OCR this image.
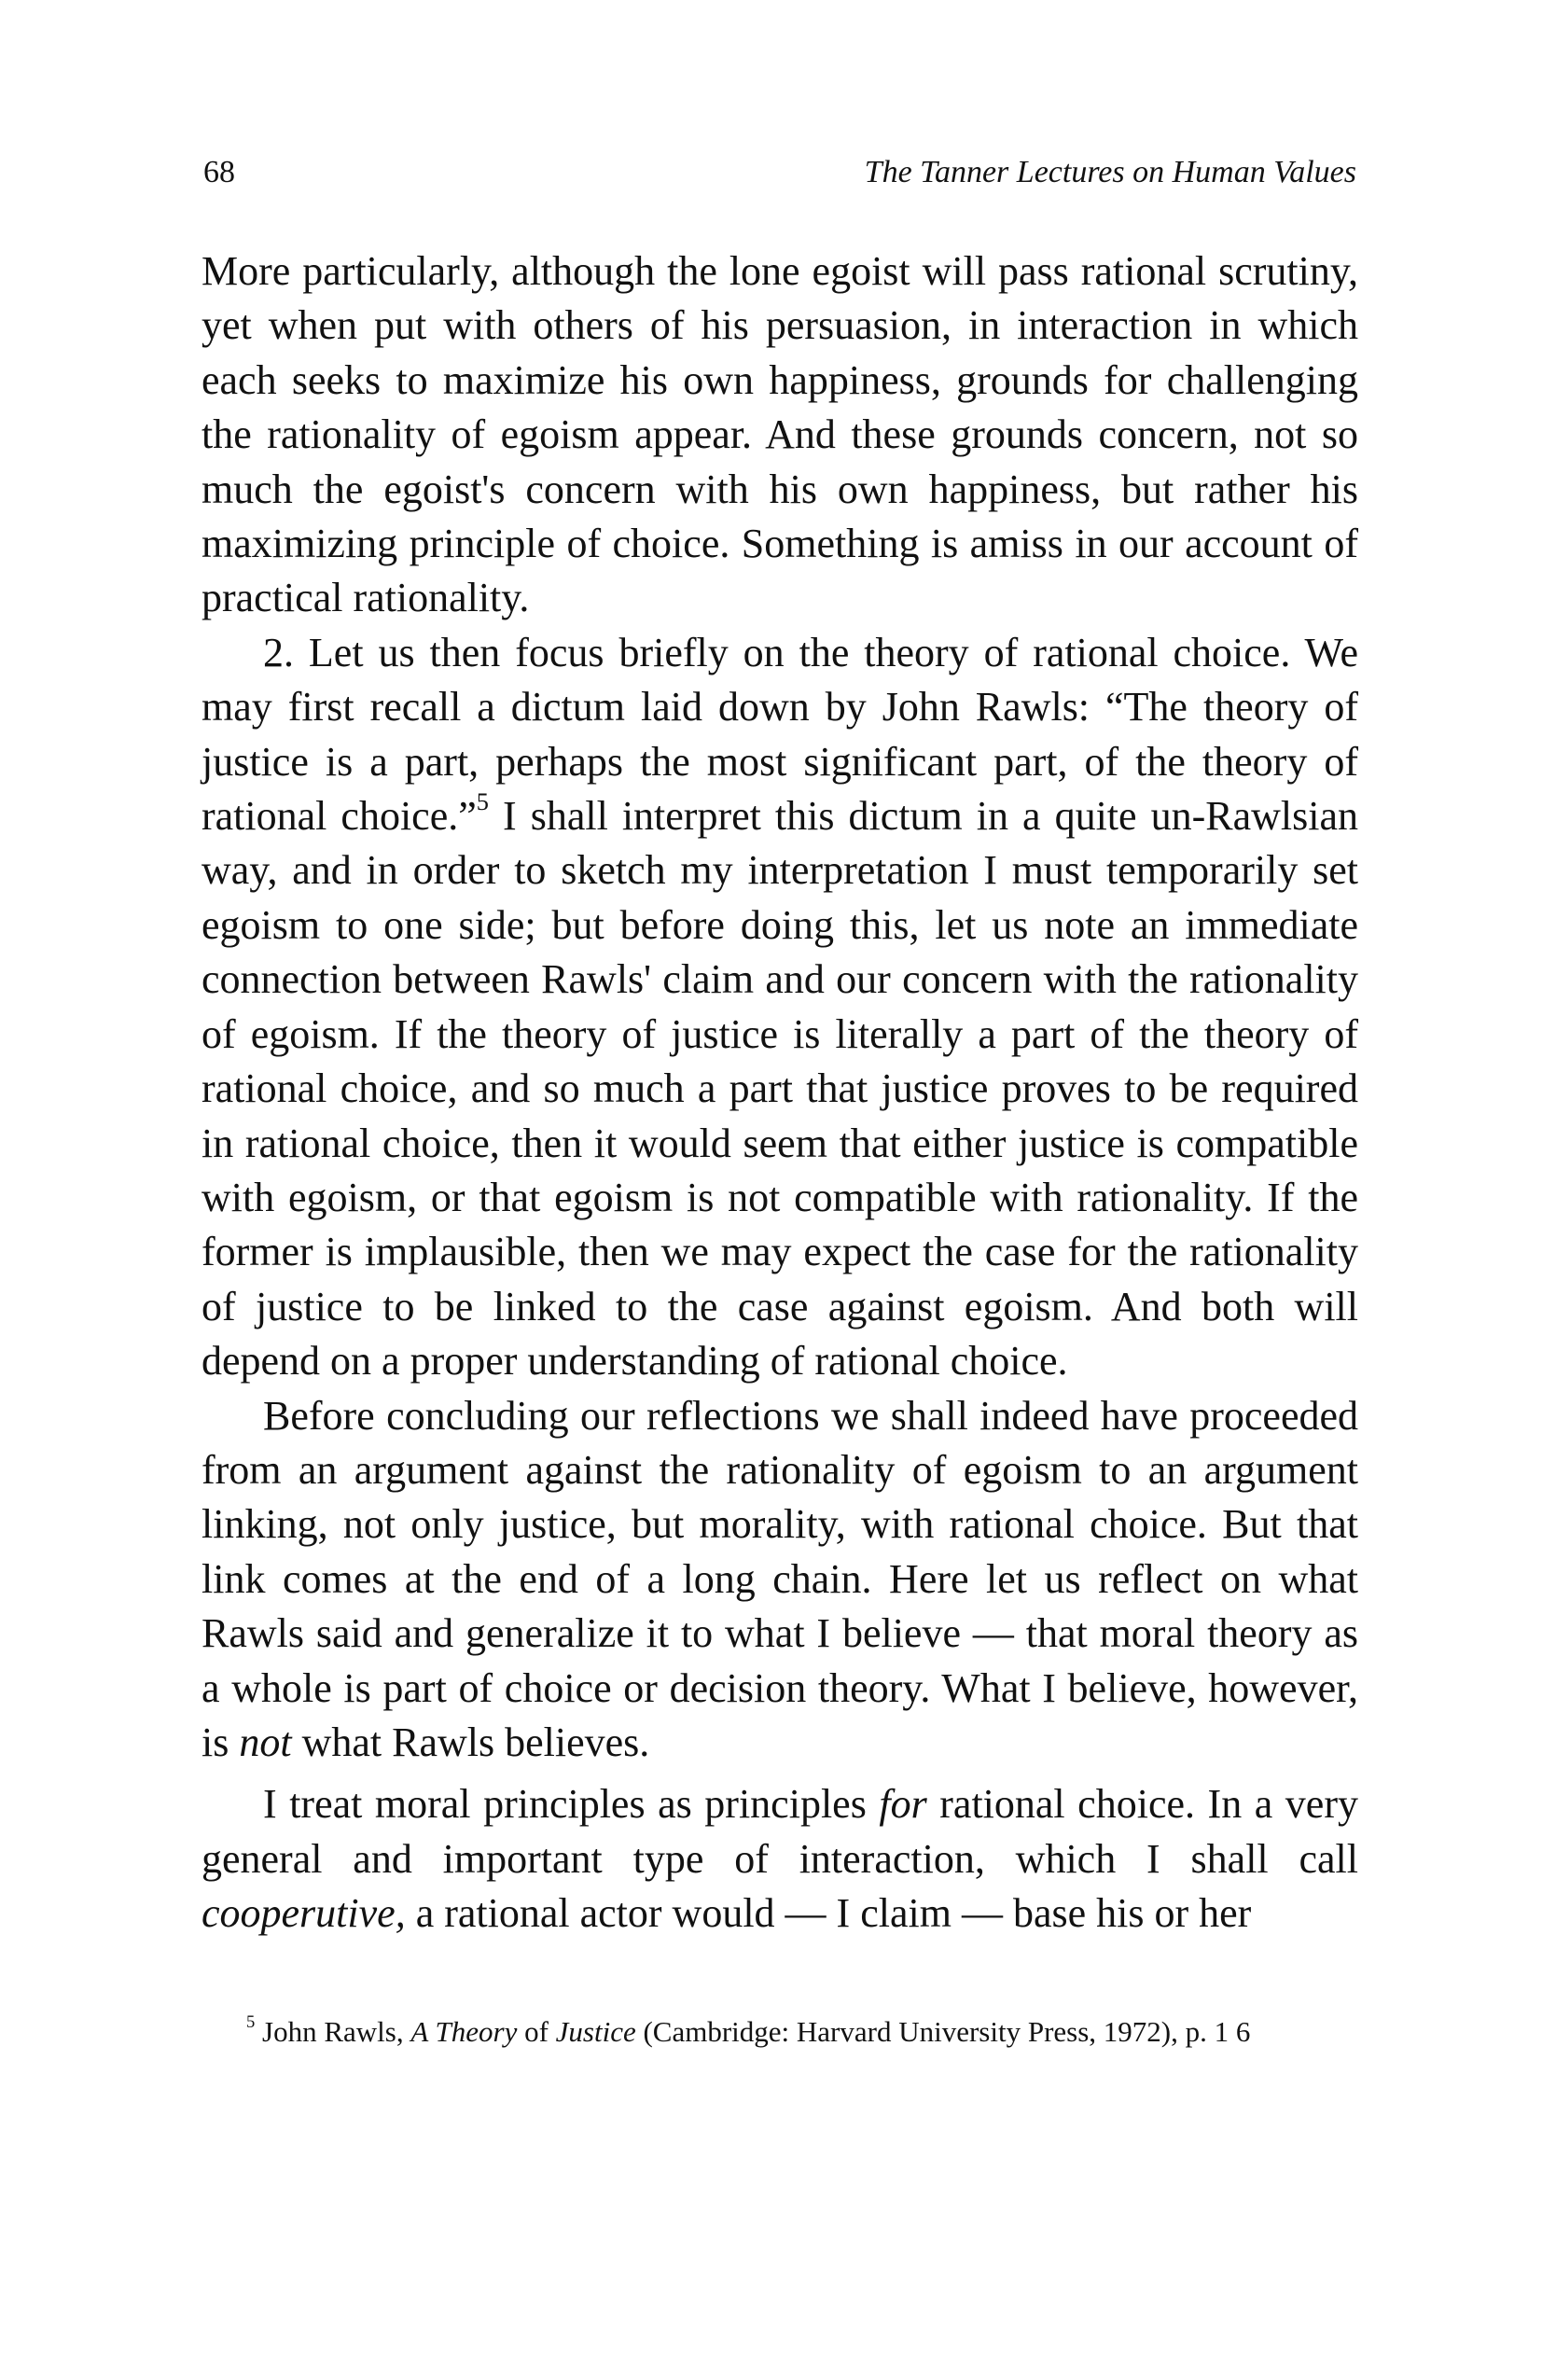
68	The Tanner Lectures on Human Values

More particularly, although the lone egoist will pass rational scrutiny, yet when put with others of his persuasion, in interaction in which each seeks to maximize his own happiness, grounds for challenging the rationality of egoism appear. And these grounds concern, not so much the egoist's concern with his own happiness, but rather his maximizing principle of choice. Something is amiss in our account of practical rationality.

2. Let us then focus briefly on the theory of rational choice. We may first recall a dictum laid down by John Rawls: “The theory of justice is a part, perhaps the most significant part, of the theory of rational choice.”$^5$ I shall interpret this dictum in a quite un-Rawlsian way, and in order to sketch my interpretation I must temporarily set egoism to one side; but before doing this, let us note an immediate connection between Rawls' claim and our concern with the rationality of egoism. If the theory of justice is literally a part of the theory of rational choice, and so much a part that justice proves to be required in rational choice, then it would seem that either justice is compatible with egoism, or that egoism is not compatible with rationality. If the former is implausible, then we may expect the case for the rationality of justice to be linked to the case against egoism. And both will depend on a proper understanding of rational choice.

Before concluding our reflections we shall indeed have proceeded from an argument against the rationality of egoism to an argument linking, not only justice, but morality, with rational choice. But that link comes at the end of a long chain. Here let us reflect on what Rawls said and generalize it to what I believe — that moral theory as a whole is part of choice or decision theory. What I believe, however, is not what Rawls believes.

I treat moral principles as principles for rational choice. In a very general and important type of interaction, which I shall call cooperutive, a rational actor would — I claim — base his or her

$^5$ John Rawls, A Theory of Justice (Cambridge: Harvard University Press, 1972), p. 1 6
